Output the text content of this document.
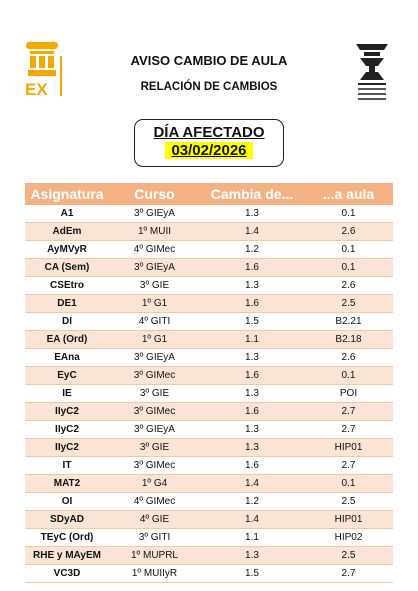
EX
AVISO CAMBIO DE AULA
RELACIÓN DE CAMBIOS
DÍA AFECTADO
03/02/2026
Asignatura	Curso	Cambia de...	...a aula
A1	3º GIEyA	1.3	0.1
AdEm	1º MUII	1.4	2.6
AyMVyR	4º GIMec	1.2	0.1
CA (Sem)	3º GIEyA	1.6	0.1
CSEtro	3º GIE	1.3	2.6
DE1	1º G1	1.6	2.5
DI	4º GITI	1.5	B2.21
EA (Ord)	1º G1	1.1	B2.18
EAna	3º GIEyA	1.3	2.6
EyC	3º GIMec	1.6	0.1
IE	3º GIE	1.3	POI
IIyC2	3º GIMec	1.6	2.7
IIyC2	3º GIEyA	1.3	2.7
IIyC2	3º GIE	1.3	HIP01
IT	3º GIMec	1.6	2.7
MAT2	1º G4	1.4	0.1
OI	4º GIMec	1.2	2.5
SDyAD	4º GIE	1.4	HIP01
TEyC (Ord)	3º GITI	1.1	HIP02
RHE y MAyEM	1º MUPRL	1.3	2.5
VC3D	1º MUIIyR	1.5	2.7
